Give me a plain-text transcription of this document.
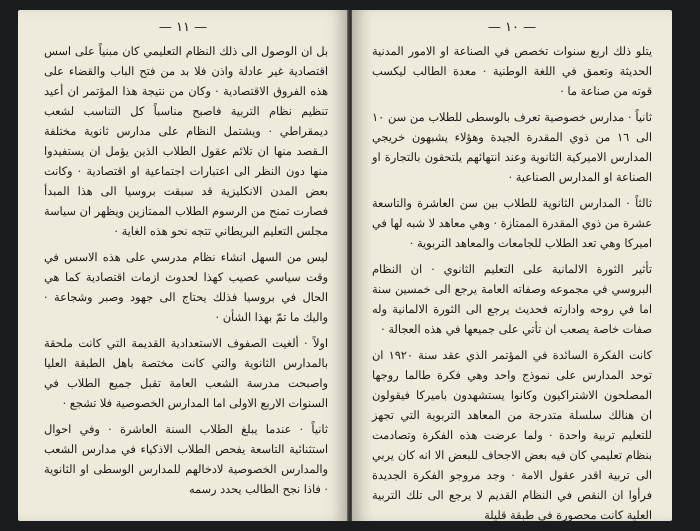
— ١١ —

بل ان الوصول الى ذلك النظام التعليمي كان مبنياً على اسس اقتصادية غير عادلة واذن فلا بد من فتح الباب والقضاء على هذه الفروق الاقتصادية · وكان من نتيجة هذا المؤتمر ان أعيد تنظيم نظام التربية فاصبح مناسباً كل التناسب لشعب ديمقراطي · ويشتمل النظام على مدارس ثانوية مختلفة الـقصد منها ان تلائم عقول الطلاب الذين يؤمل ان يستفيدوا منها دون النظر الى اعتبارات اجتماعية او اقتصادية · وكانت بعض المدن الانكليزية قد سبقت بروسيا الى هذا المبدأ فصارت تمنح من الرسوم الطلاب الممتازين ويظهر ان سياسة مجلس التعليم البريطاني تتجه نحو هذه الغاية ·

ليس من السهل انشاء نظام مدرسي على هذه الاسس في وقت سياسي عصيب كهذا لحدوث ازمات اقتصادية كما هي الحال في بروسيا فذلك يحتاج الى جهود وصبر وشجاعة · واليك ما تمّ بهذا الشأن ·

اولاً · ألغيت الصفوف الاستعدادية القديمة التي كانت ملحقة بالمدارس الثانوية والتي كانت مختصة باهل الطبقة العليا واصبحت مدرسة الشعب العامة تقبل جميع الطلاب في السنوات الاربع الاولى اما المدارس الخصوصية فلا تشجع ·

ثانياً · عندما يبلغ الطلاب السنة العاشرة · وفي احوال استثنائية التاسعة يفحص الطلاب الاذكياء في مدارس الشعب والمدارس الخصوصية لادخالهم للمدارس الوسطى او الثانوية · فاذا نجح الطالب يحدد رسمه

— ١٠ —

يتلو ذلك اربع سنوات تخصص في الصناعة او الامور المدنية الحديثة وتعمق في اللغة الوطنية · معدة الطالب ليكسب قوته من صناعة ما ·

ثانياً · مدارس خصوصية تعرف بالوسطى للطلاب من سن ١٠ الى ١٦ من ذوي المقدرة الجيدة وهؤلاء يشبهون خريجي المدارس الاميركية الثانوية وعند انتهائهم يلتحقون بالتجارة او الصناعة او المدارس الصناعية ·

ثالثاً · المدارس الثانوية للطلاب بين سن العاشرة والتاسعة عشرة من ذوي المقدرة الممتازة · وهي معاهد لا شبه لها في اميركا وهي تعد الطلاب للجامعات والمعاهد التربوية ·

تأثير الثورة الالمانية على التعليم الثانوي · ان النظام البروسي في مجموعه وصفاته العامة يرجع الى خمسين سنة اما في روحه وادارته فحديث يرجع الى الثورة الالمانية وله صفات خاصة يصعب ان تأتي على جميعها في هذه العجالة ·

كانت الفكرة السائدة في المؤتمر الذي عقد سنة ١٩٢٠ ان توحد المدارس على نموذج واحد وهي فكرة طالما روجها المصلحون الاشتراكيون وكانوا يستشهدون باميركا فيقولون ان هنالك سلسلة متدرجة من المعاهد التربوية التي تجهز للتعليم تربية واحدة · ولما عرضت هذه الفكرة وتصادمت بنظام تعليمي كان فيه بعض الاجحاف للبعض الا انه كان يربي الى تربية اقدر عقول الامة · وجد مروجو الفكرة الجديدة فرأوا ان النقص في النظام القديم لا يرجع الى تلك التربية العلية كانت محصورة في طبقة قليلة
